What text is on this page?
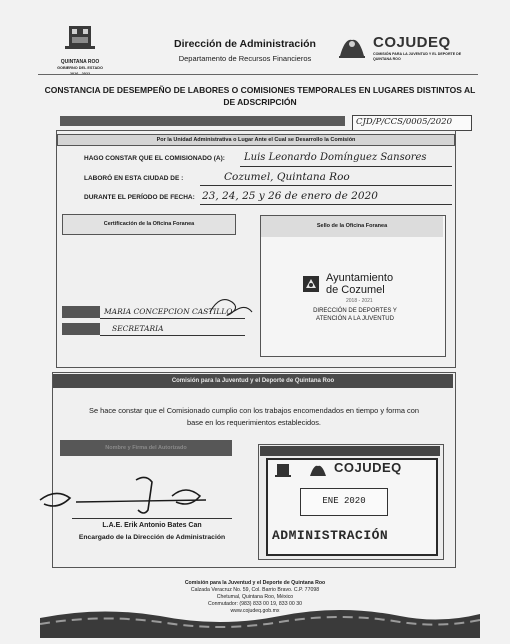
QUINTANA ROO
GOBIERNO DEL ESTADO
2016 - 2022
Dirección de Administración
Departamento de Recursos Financieros
COJUDEQ
COMISIÓN PARA LA JUVENTUD Y EL DEPORTE DE QUINTANA ROO
CONSTANCIA DE DESEMPEÑO DE LABORES O COMISIONES TEMPORALES EN LUGARES DISTINTOS AL
DE ADSCRIPCIÓN
CJD/P/CCS/0005/2020
Por la Unidad Administrativa o Lugar Ante el Cual se Desarrollo la Comisión
HAGO CONSTAR QUE EL COMISIONADO (A): Luis Leonardo Domínguez Sansores
LABORÓ EN ESTA CIUDAD DE :	Cozumel, Quintana Roo
DURANTE EL PERÍODO DE FECHA: 23, 24, 25 y 26 de enero de 2020
Certificación de la Oficina Foranea	Sello de la Oficina Foranea
Ayuntamiento
de Cozumel
2018 - 2021
DIRECCIÓN DE DEPORTES Y
ATENCIÓN A LA JUVENTUD
MARIA CONCEPCION CASTILLO
SECRETARIA
Comisión para la Juventud y el Deporte de Quintana Roo
Se hace constar que el Comisionado cumplio con los trabajos encomendados en tiempo y forma con
base en los requerimientos establecidos.
Nombre y Firma del Autorizado
L.A.E. Erik Antonio Bates Can
Encargado de la Dirección de Administración
COJUDEQ
ENE 2020
ADMINISTRACIÓN
Comisión para la Juventud y el Deporte de Quintana Roo
Calzada Veracruz No. 59, Col. Barrio Bravo. C.P. 77098
Chetumal, Quintana Roo, México
Conmutador: (983) 833 00 19, 833 00 30
www.cojudeq.gob.mx
